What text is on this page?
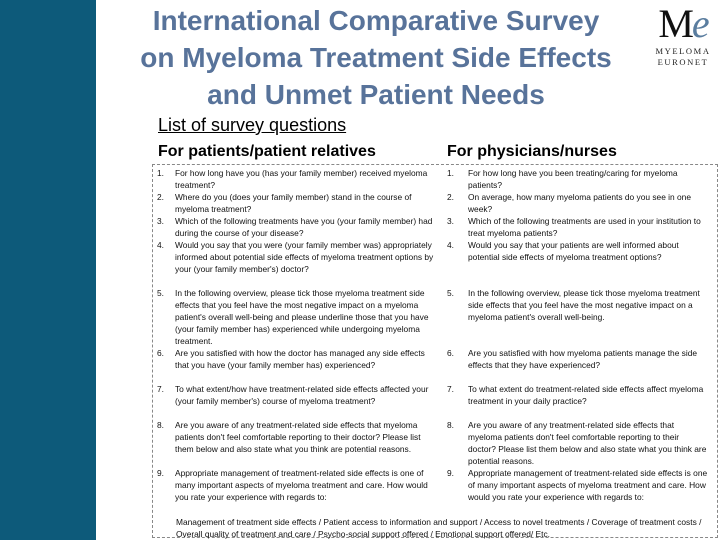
International Comparative Survey
on Myeloma Treatment Side Effects
and Unmet Patient Needs
Me
MYELOMA
EURONET
List of survey questions
For patients/patient relatives	For physicians/nurses
1. For how long have you (has your family member) received myeloma treatment?
2. Where do you (does your family member) stand in the course of myeloma treatment?
3. Which of the following treatments have you (your family member) had during the course of your disease?
4. Would you say that you were (your family member was) appropriately informed about potential side effects of myeloma treatment options by your (your family member's) doctor?
5. In the following overview, please tick those myeloma treatment side effects that you feel have the most negative impact on a myeloma patient's overall well-being and please underline those that you have (your family member has) experienced while undergoing myeloma treatment.
6. Are you satisfied with how the doctor has managed any side effects that you have (your family member has) experienced?
7. To what extent/how have treatment-related side effects affected your (your family member's) course of myeloma treatment?
8. Are you aware of any treatment-related side effects that myeloma patients don't feel comfortable reporting to their doctor? Please list them below and also state what you think are potential reasons.
9. Appropriate management of treatment-related side effects is one of many important aspects of myeloma treatment and care. How would you rate your experience with regards to:
1. For how long have you been treating/caring for myeloma patients?
2. On average, how many myeloma patients do you see in one week?
3. Which of the following treatments are used in your institution to treat myeloma patients?
4. Would you say that your patients are well informed about potential side effects of myeloma treatment options?
5. In the following overview, please tick those myeloma treatment side effects that you feel have the most negative impact on a myeloma patient's overall well-being.
6. Are you satisfied with how myeloma patients manage the side effects that they have experienced?
7. To what extent do treatment-related side effects affect myeloma treatment in your daily practice?
8. Are you aware of any treatment-related side effects that myeloma patients don't feel comfortable reporting to their doctor? Please list them below and also state what you think are potential reasons.
9. Appropriate management of treatment-related side effects is one of many important aspects of myeloma treatment and care. How would you rate your experience with regards to:
Management of treatment side effects / Patient access to information and support / Access to novel treatments / Coverage of treatment costs / Overall quality of treatment and care / Psycho-social support offered / Emotional support offered/ Etc.
